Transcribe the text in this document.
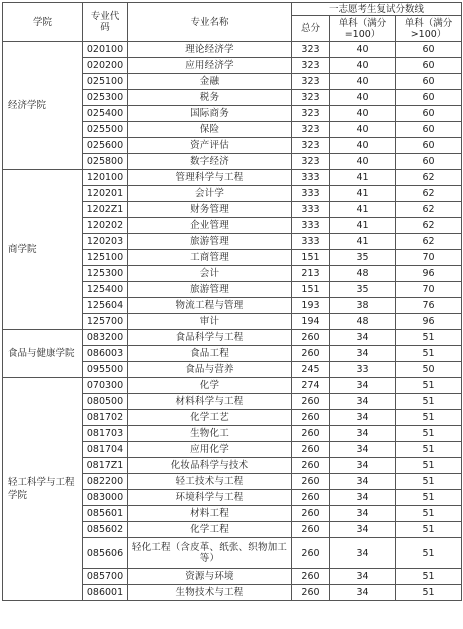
学院	专业代码	专业名称	一志愿考生复试分数线		
			总分	单科（满分=100）	单科（满分>100）
经济学院	020100	理论经济学	323	40	60
	020200	应用经济学	323	40	60
	025100	金融	323	40	60
	025300	税务	323	40	60
	025400	国际商务	323	40	60
	025500	保险	323	40	60
	025600	资产评估	323	40	60
	025800	数字经济	323	40	60
商学院	120100	管理科学与工程	333	41	62
	120201	会计学	333	41	62
	1202Z1	财务管理	333	41	62
	120202	企业管理	333	41	62
	120203	旅游管理	333	41	62
	125100	工商管理	151	35	70
	125300	会计	213	48	96
	125400	旅游管理	151	35	70
	125604	物流工程与管理	193	38	76
	125700	审计	194	48	96
食品与健康学院	083200	食品科学与工程	260	34	51
	086003	食品工程	260	34	51
	095500	食品与营养	245	33	50
轻工科学与工程学院	070300	化学	274	34	51
	080500	材料科学与工程	260	34	51
	081702	化学工艺	260	34	51
	081703	生物化工	260	34	51
	081704	应用化学	260	34	51
	0817Z1	化妆品科学与技术	260	34	51
	082200	轻工技术与工程	260	34	51
	083000	环境科学与工程	260	34	51
	085601	材料工程	260	34	51
	085602	化学工程	260	34	51
	085606	轻化工程（含皮革、纸张、织物加工等）	260	34	51
	085700	资源与环境	260	34	51
	086001	生物技术与工程	260	34	51
